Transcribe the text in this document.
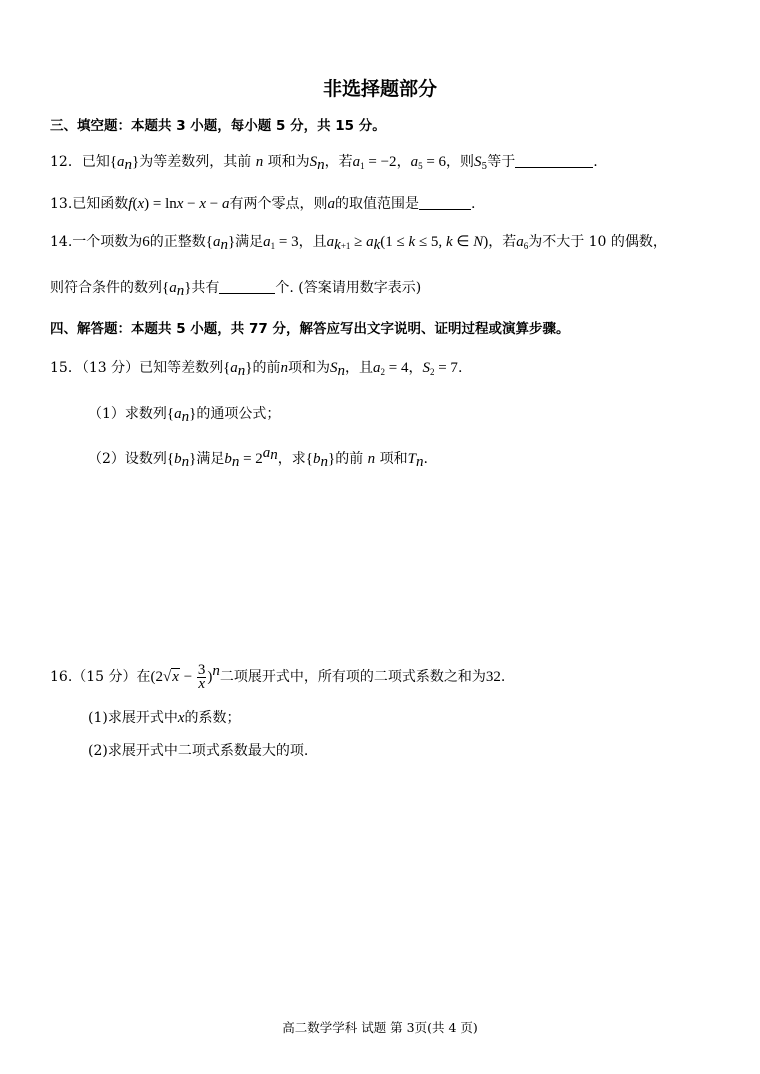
非选择题部分
三、填空题：本题共 3 小题，每小题 5 分，共 15 分。
12．已知$\{a_n\}$为等差数列，其前 n 项和为$S_n$，若$a_1 = -2$，$a_5 = 6$，则$S_5$等于	.
13.已知函数f(x) = lnx − x − a有两个零点，则a的取值范围是	.
14.一个项数为6的正整数$\{a_n\}$满足$a_1 = 3$，且$a_{k+1} \ge a_k(1 \le k \le 5$, k ∈ N)，若$a_6$为不大于 10 的偶数，
则符合条件的数列$\{a_n\}$共有	个. (答案请用数字表示)
四、解答题：本题共 5 小题，共 77 分，解答应写出文字说明、证明过程或演算步骤。
15．（13 分）已知等差数列$\{a_n\}$的前n项和为$S_n$，且$a_2 = 4$，$S_2 = 7$.
（1）求数列$\{a_n\}$的通项公式；
（2）设数列$\{b_n\}$满足$b_n = 2^{a_n}$，求$\{b_n\}$的前 n 项和$T_n$.
16.（15 分）在$(2√x - \frac{3}{x} )^n$二项展开式中，所有项的二项式系数之和为32.
(1)求展开式中x的系数；
(2)求展开式中二项式系数最大的项.
高二数学学科 试题 第 3页(共 4 页)
